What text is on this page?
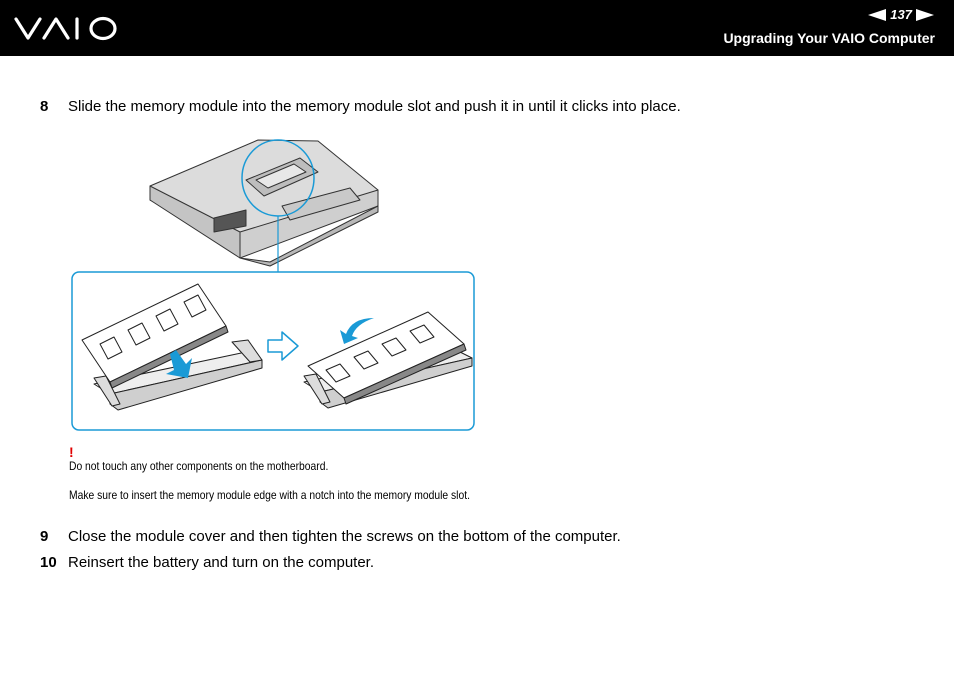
137
Upgrading Your VAIO Computer
8 Slide the memory module into the memory module slot and push it in until it clicks into place.
!
Do not touch any other components on the motherboard.
Make sure to insert the memory module edge with a notch into the memory module slot.
9 Close the module cover and then tighten the screws on the bottom of the computer.
10 Reinsert the battery and turn on the computer.
